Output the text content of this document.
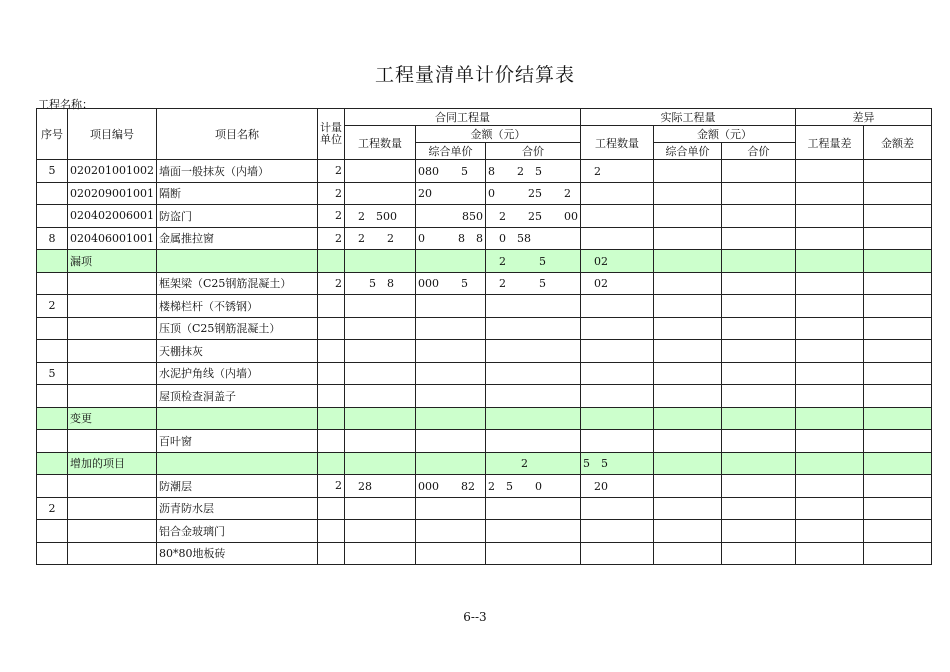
工程量清单计价结算表
工程名称：
序号	项目编号	项目名称	计量
单位	合同工程量			实际工程量			差异	
				工程数量	金额（元）		工程数量	金额（元）		工程量差	金额差
					综合单价	合价		综合单价	合价		
5	020201001002	墙面一般抹灰（内墙）	2		080　　5	8　　2　5	　2				
	020209001001	隔断	2		20	0　　　25　　2					
	020402006001	防盗门	2	　2　500	　　　　850	　2　　25　　00					
8	020406001001	金属推拉窗	2	　2　　2	0　　　8　8	　0　58					
	漏项					　2　　　5	　02				
		框架梁（C25钢筋混凝土）	2	　　5　8	000　　5	　2　　　5	　02				
2		楼梯栏杆（不锈钢）									
		压顶（C25钢筋混凝土）									
		天棚抹灰									
5		水泥护角线（内墙）									
		屋顶检查洞盖子									
	变更										
		百叶窗									
	增加的项目					　　　2	5　5				
		防潮层	2	　28	000　　82	2　5　　0	　20				
2		沥青防水层									
		铝合金玻璃门									
		80*80地板砖									
6--3
